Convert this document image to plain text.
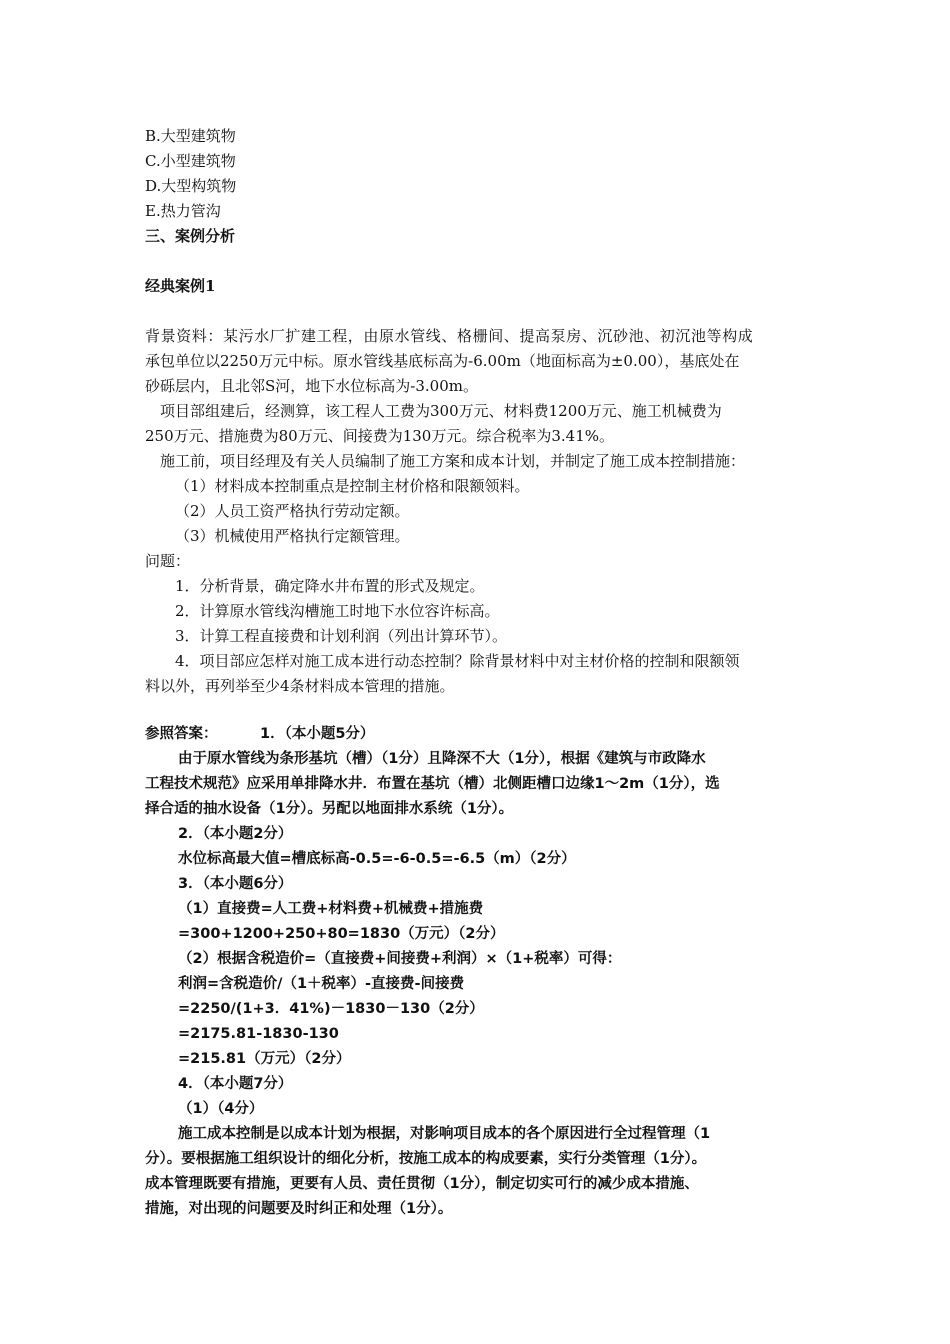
B.大型建筑物
C.小型建筑物
D.大型构筑物
E.热力管沟
三、案例分析
经典案例1
背景资料：某污水厂扩建工程，由原水管线、格栅间、提高泵房、沉砂池、初沉池等构成
承包单位以2250万元中标。原水管线基底标高为-6.00m（地面标高为±0.00），基底处在
砂砾层内，且北邻S河，地下水位标高为-3.00m。
项目部组建后，经测算，该工程人工费为300万元、材料费1200万元、施工机械费为
250万元、措施费为80万元、间接费为130万元。综合税率为3.41%。
施工前，项目经理及有关人员编制了施工方案和成本计划，并制定了施工成本控制措施：
（1）材料成本控制重点是控制主材价格和限额领料。
（2）人员工资严格执行劳动定额。
（3）机械使用严格执行定额管理。
问题：
1．分析背景，确定降水井布置的形式及规定。
2．计算原水管线沟槽施工时地下水位容许标高。
3．计算工程直接费和计划利润（列出计算环节）。
4．项目部应怎样对施工成本进行动态控制？除背景材料中对主材价格的控制和限额领
料以外，再列举至少4条材料成本管理的措施。
参照答案：	1．（本小题5分）
由于原水管线为条形基坑（槽）（1分）且降深不大（1分），根据《建筑与市政降水
工程技术规范》应采用单排降水井．布置在基坑（槽）北侧距槽口边缘1～2m（1分），选
择合适的抽水设备（1分）。另配以地面排水系统（1分）。
2．（本小题2分）
水位标高最大值=槽底标高-0.5=-6-0.5=-6.5（m）（2分）
3．（本小题6分）
（1）直接费=人工费+材料费+机械费+措施费
=300+1200+250+80=1830（万元）（2分）
（2）根据含税造价=（直接费+间接费+利润）×（1+税率）可得：
利润=含税造价/（1＋税率）-直接费-间接费
=2250/(1+3．41%)－1830－130（2分）
=2175.81-1830-130
=215.81（万元）（2分）
4．（本小题7分）
（1）（4分）
施工成本控制是以成本计划为根据，对影响项目成本的各个原因进行全过程管理（1
分）。要根据施工组织设计的细化分析，按施工成本的构成要素，实行分类管理（1分）。
成本管理既要有措施，更要有人员、责任贯彻（1分），制定切实可行的减少成本措施、
措施，对出现的问题要及时纠正和处理（1分）。
